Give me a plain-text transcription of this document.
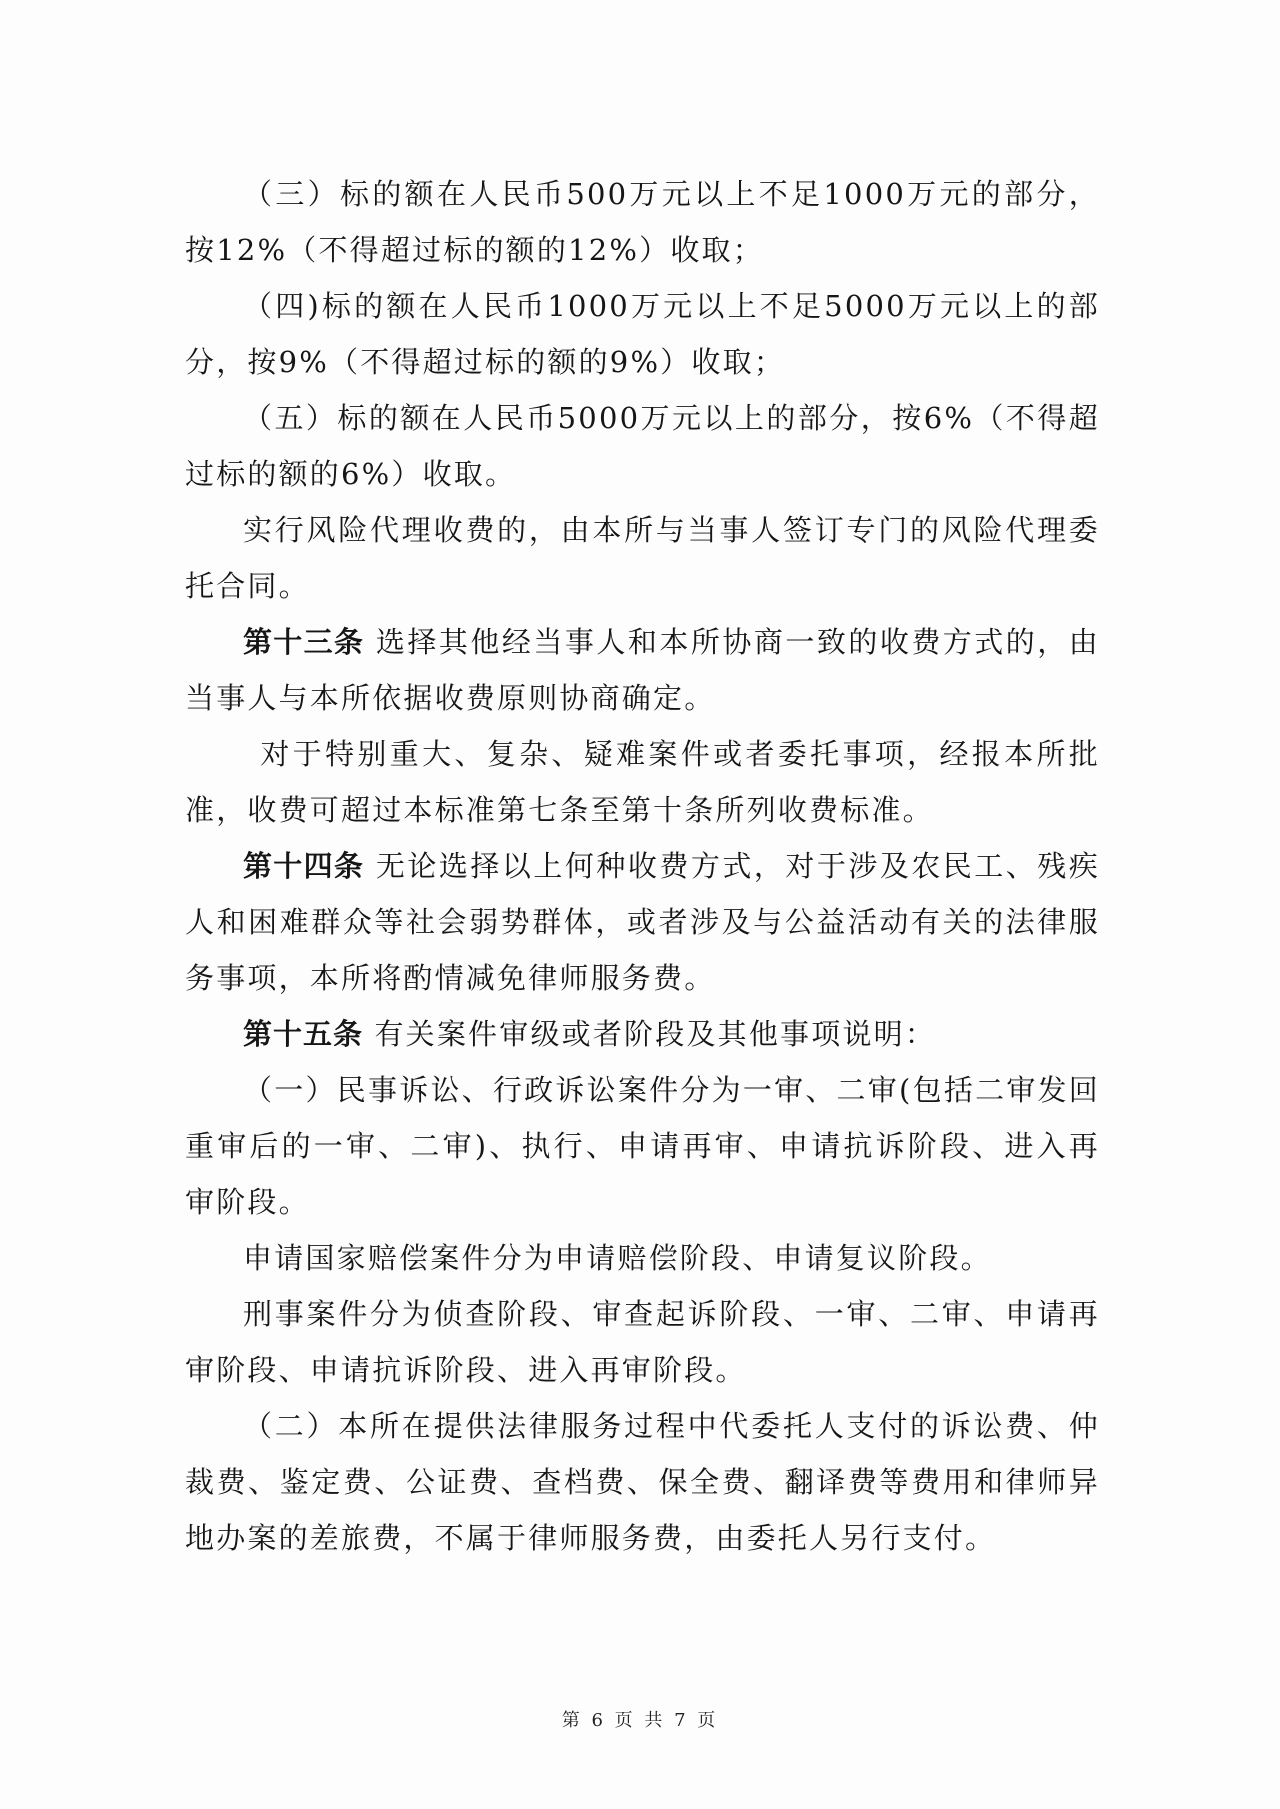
（三）标的额在人民币500万元以上不足1000万元的部分，按12%（不得超过标的额的12%）收取；

（四)标的额在人民币1000万元以上不足5000万元以上的部分，按9%（不得超过标的额的9%）收取；

（五）标的额在人民币5000万元以上的部分，按6%（不得超过标的额的6%）收取。

实行风险代理收费的，由本所与当事人签订专门的风险代理委托合同。

第十三条 选择其他经当事人和本所协商一致的收费方式的，由当事人与本所依据收费原则协商确定。

对于特别重大、复杂、疑难案件或者委托事项，经报本所批准，收费可超过本标准第七条至第十条所列收费标准。

第十四条 无论选择以上何种收费方式，对于涉及农民工、残疾人和困难群众等社会弱势群体，或者涉及与公益活动有关的法律服务事项，本所将酌情减免律师服务费。

第十五条 有关案件审级或者阶段及其他事项说明：

（一）民事诉讼、行政诉讼案件分为一审、二审(包括二审发回重审后的一审、二审)、执行、申请再审、申请抗诉阶段、进入再审阶段。

申请国家赔偿案件分为申请赔偿阶段、申请复议阶段。

刑事案件分为侦查阶段、审查起诉阶段、一审、二审、申请再审阶段、申请抗诉阶段、进入再审阶段。

（二）本所在提供法律服务过程中代委托人支付的诉讼费、仲裁费、鉴定费、公证费、查档费、保全费、翻译费等费用和律师异地办案的差旅费，不属于律师服务费，由委托人另行支付。

第 6 页 共 7 页
